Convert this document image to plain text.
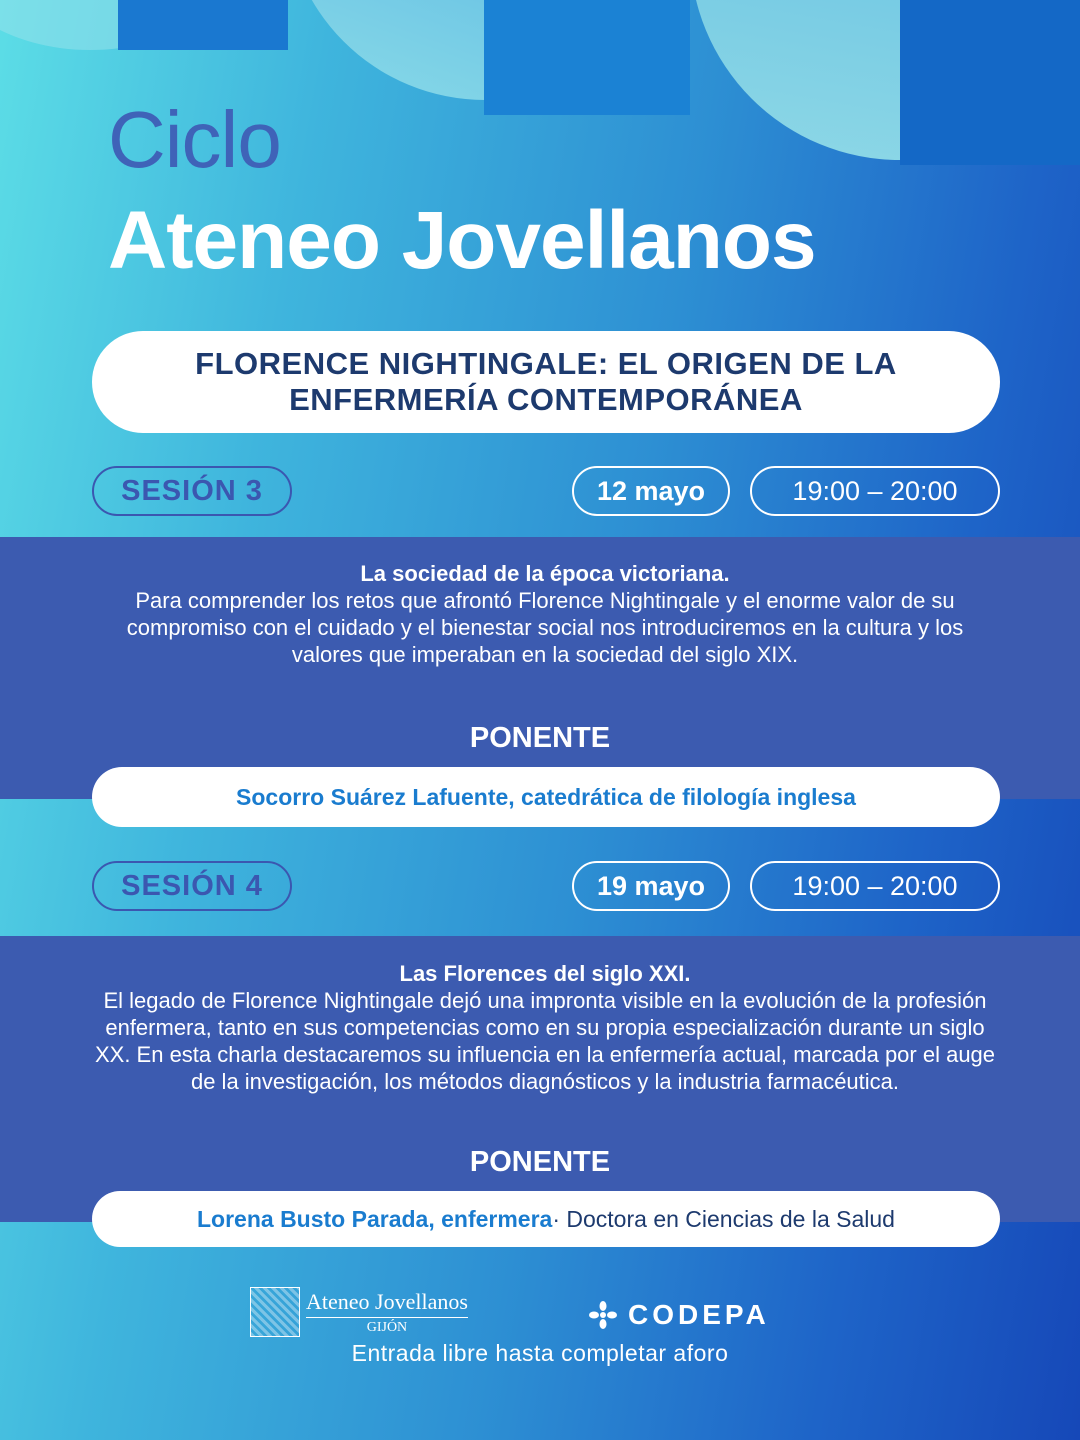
Ciclo
Ateneo Jovellanos
FLORENCE NIGHTINGALE: EL ORIGEN DE LA ENFERMERÍA CONTEMPORÁNEA
SESIÓN 3	12 mayo	19:00 – 20:00
La sociedad de la época victoriana.
Para comprender los retos que afrontó Florence Nightingale y el enorme valor de su compromiso con el cuidado y el bienestar social nos introduciremos en la cultura y los valores que imperaban en la sociedad del siglo XIX.
PONENTE
Socorro Suárez Lafuente, catedrática de filología inglesa
SESIÓN 4	19 mayo	19:00 – 20:00
Las Florences del siglo XXI.
El legado de Florence Nightingale dejó una impronta visible en la evolución de la profesión enfermera, tanto en sus competencias como en su propia especialización durante un siglo XX. En esta charla destacaremos su influencia en la enfermería actual, marcada por el auge de la investigación, los métodos diagnósticos y la industria farmacéutica.
PONENTE
Lorena Busto Parada, enfermera · Doctora en Ciencias de la Salud
Ateneo Jovellanos
GIJÓN	CODEPA
Entrada libre hasta completar aforo
